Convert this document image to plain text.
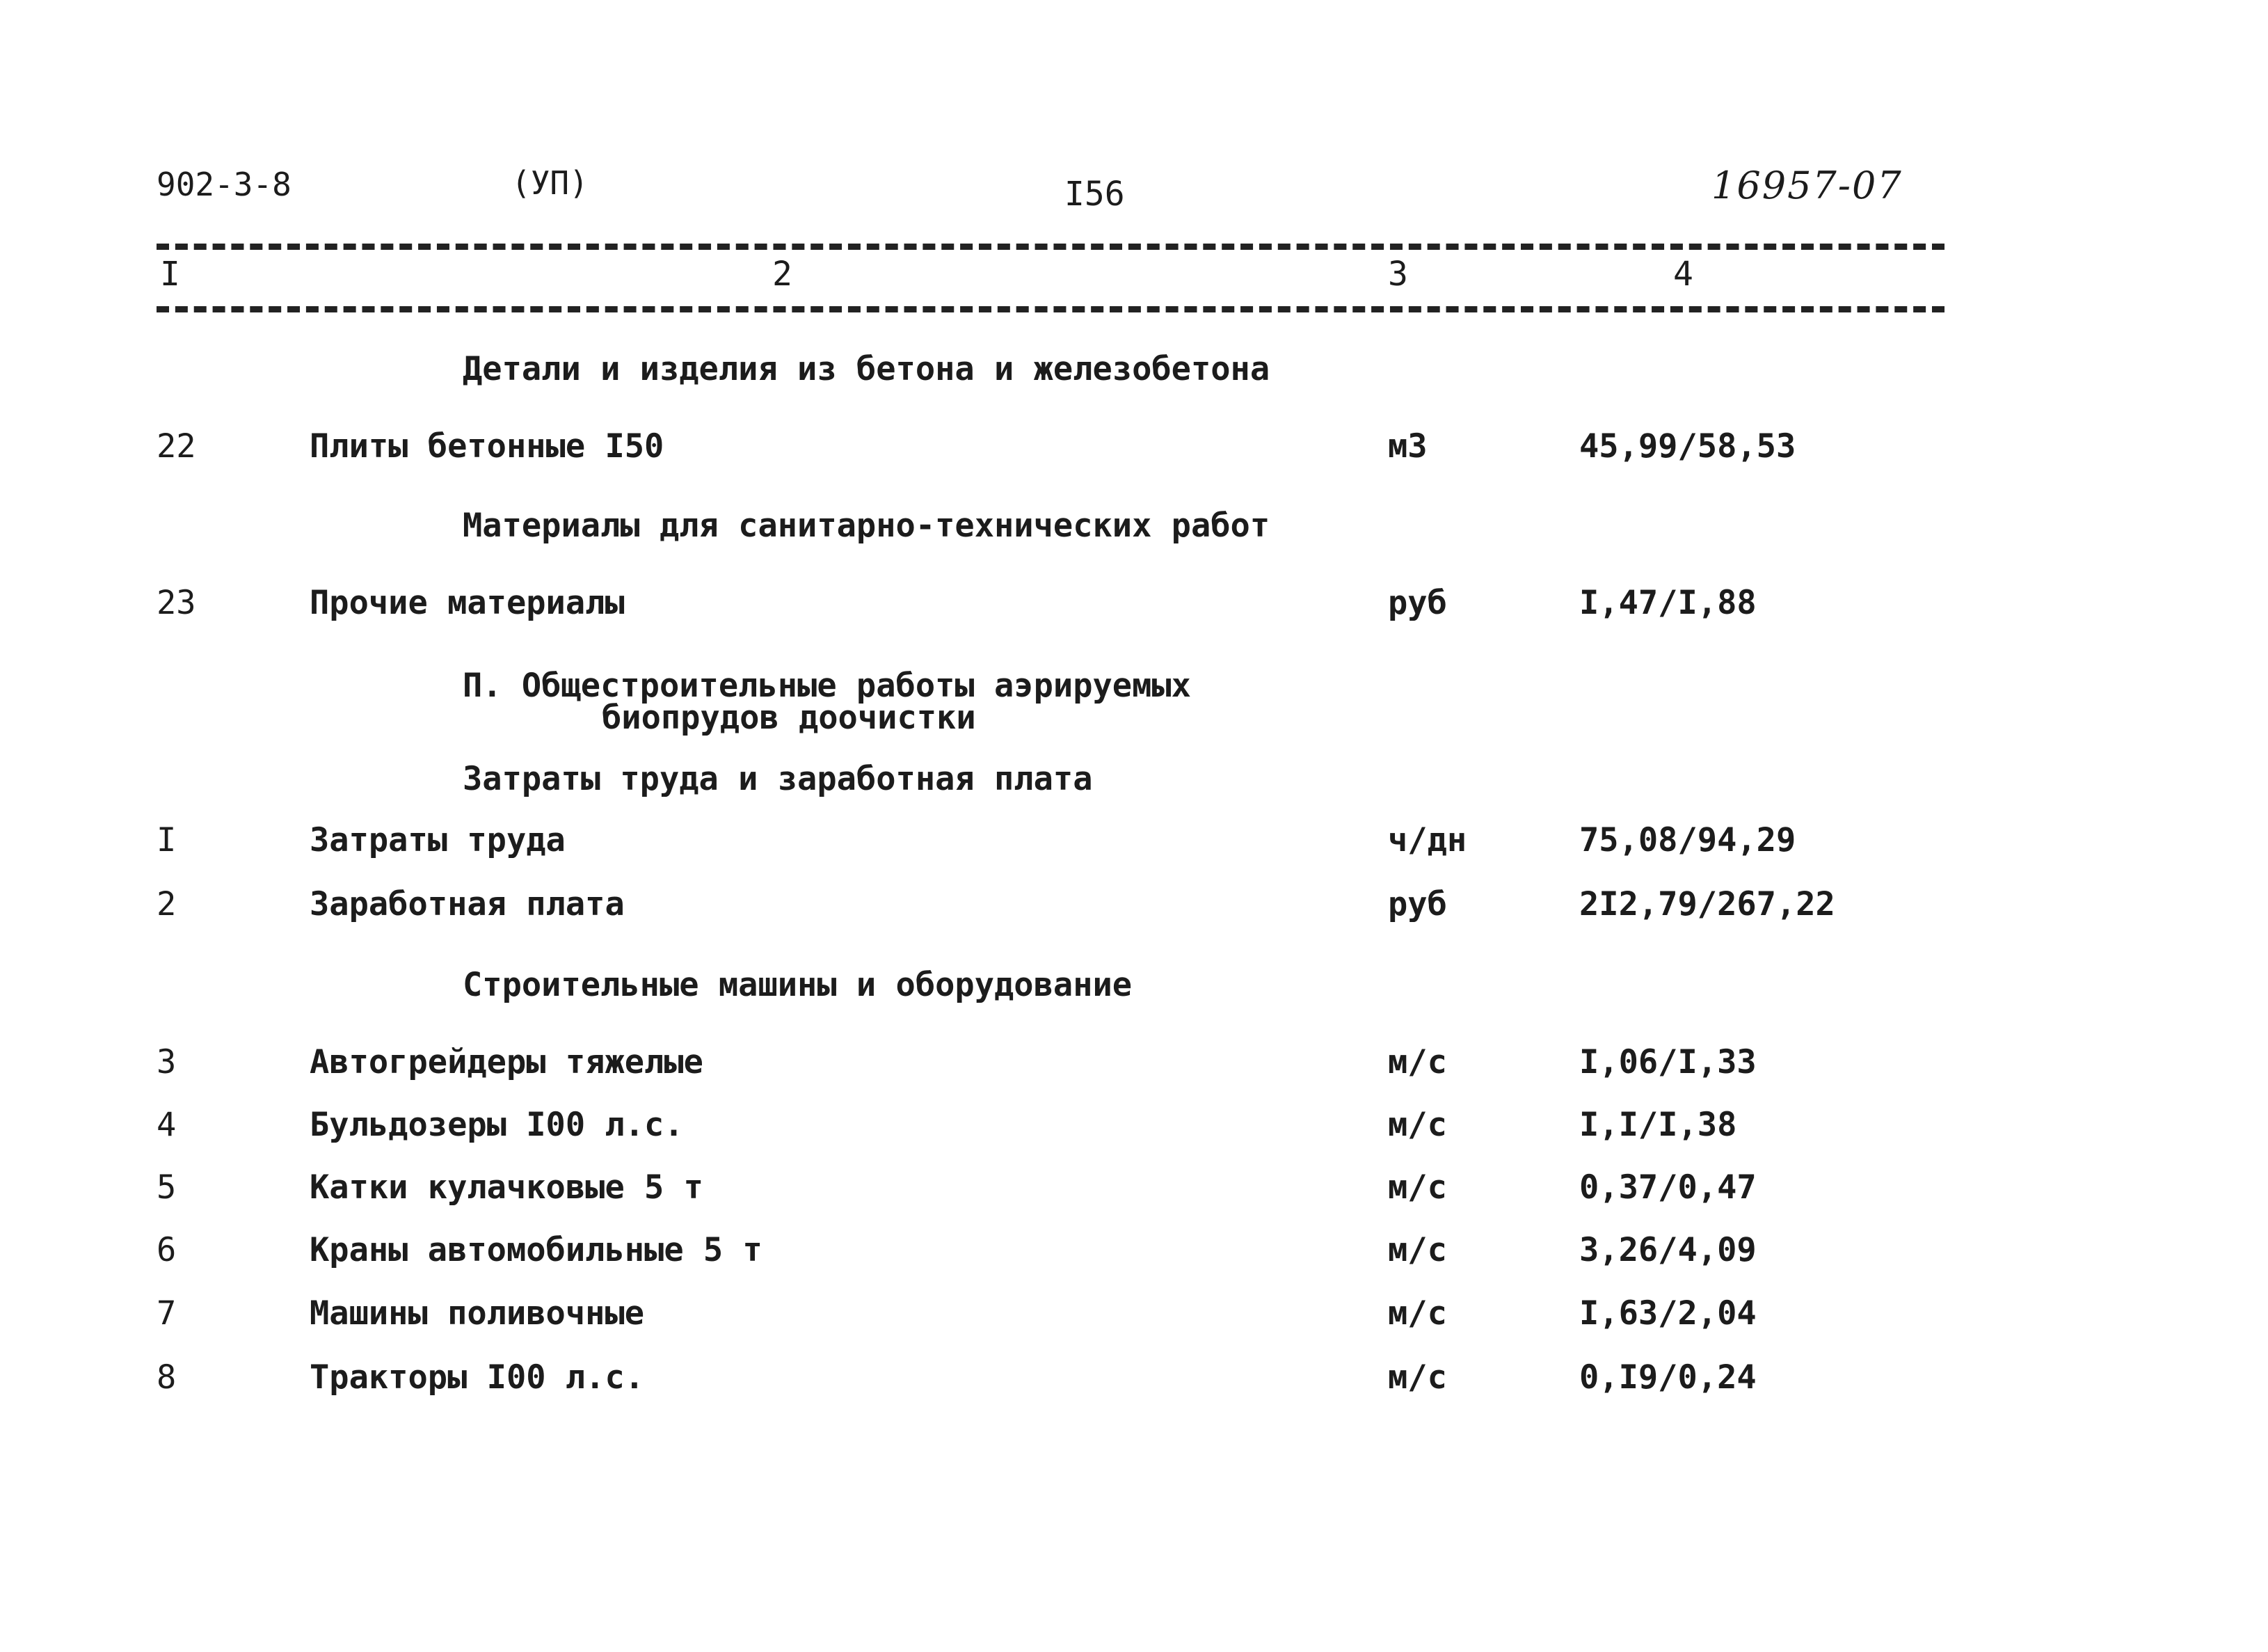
902-3-8	(УП)	I56	16957-07
I	2	3	4
Детали и изделия из бетона и железобетона
22	Плиты бетонные I50	м3	45,99/58,53
Материалы для санитарно-технических работ
23	Прочие материалы	руб	I,47/I,88
П. Общестроительные работы аэрируемых
биопрудов доочистки
Затраты труда и заработная плата
I	Затраты труда	ч/дн	75,08/94,29
2	Заработная плата	руб	2I2,79/267,22
Строительные машины и оборудование
3	Автогрейдеры тяжелые	м/с	I,06/I,33
4	Бульдозеры I00 л.с.	м/с	I,I/I,38
5	Катки кулачковые 5 т	м/с	0,37/0,47
6	Краны автомобильные 5 т	м/с	3,26/4,09
7	Машины поливочные	м/с	I,63/2,04
8	Тракторы I00 л.с.	м/с	0,I9/0,24
